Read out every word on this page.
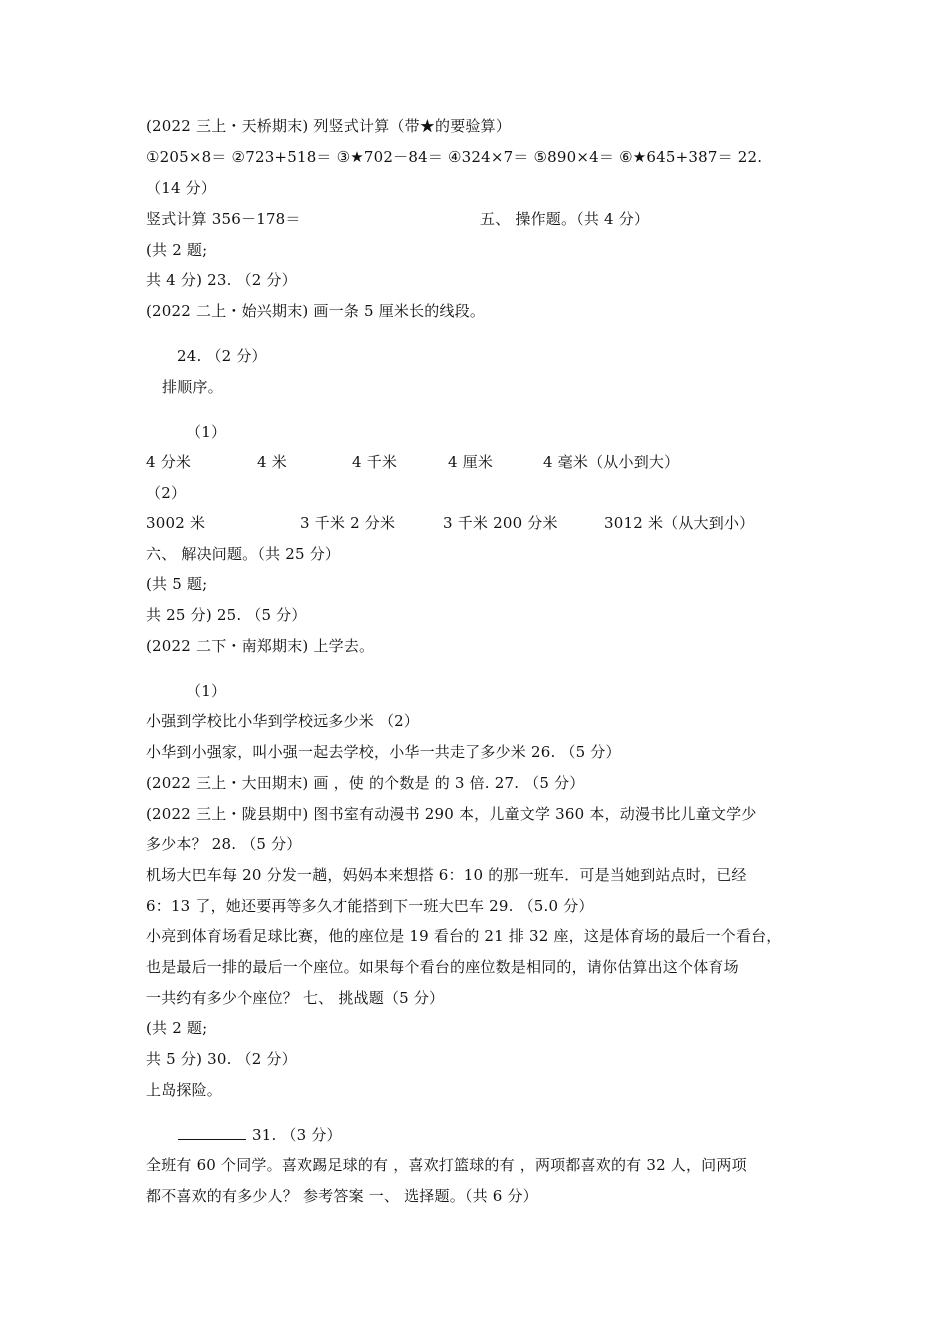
(2022 三上・天桥期末) 列竖式计算（带★的要验算）
①205×8＝ ②723+518＝ ③★702－84＝ ④324×7＝ ⑤890×4＝ ⑥★645+387＝ 22.
（14 分）
竖式计算 356－178＝	五、 操作题。（共 4 分）
(共 2 题;
共 4 分) 23. （2 分）
(2022 二上・始兴期末) 画一条 5 厘米长的线段。
24. （2 分）
排顺序。
（1）
4 分米	4 米	4 千米	4 厘米	4 毫米（从小到大）
（2）
3002 米	3 千米 2 分米	3 千米 200 分米	3012 米（从大到小）
六、 解决问题。（共 25 分）
(共 5 题;
共 25 分) 25. （5 分）
(2022 二下・南郑期末) 上学去。
（1）
小强到学校比小华到学校远多少米 （2）
小华到小强家，叫小强一起去学校，小华一共走了多少米 26. （5 分）
(2022 三上・大田期末) 画 ，使 的个数是 的 3 倍. 27. （5 分）
(2022 三上・陇县期中) 图书室有动漫书 290 本，儿童文学 360 本，动漫书比儿童文学少
多少本？ 28. （5 分）
机场大巴车每 20 分发一趟，妈妈本来想搭 6：10 的那一班车．可是当她到站点时，已经
6：13 了，她还要再等多久才能搭到下一班大巴车 29. （5.0 分）
小亮到体育场看足球比赛，他的座位是 19 看台的 21 排 32 座，这是体育场的最后一个看台，
也是最后一排的最后一个座位。如果每个看台的座位数是相同的，请你估算出这个体育场
一共约有多少个座位？ 七、 挑战题（5 分）
(共 2 题;
共 5 分) 30. （2 分）
上岛探险。
31. （3 分）
全班有 60 个同学。喜欢踢足球的有 ，喜欢打篮球的有 ，两项都喜欢的有 32 人，问两项
都不喜欢的有多少人？ 参考答案 一、 选择题。（共 6 分）
